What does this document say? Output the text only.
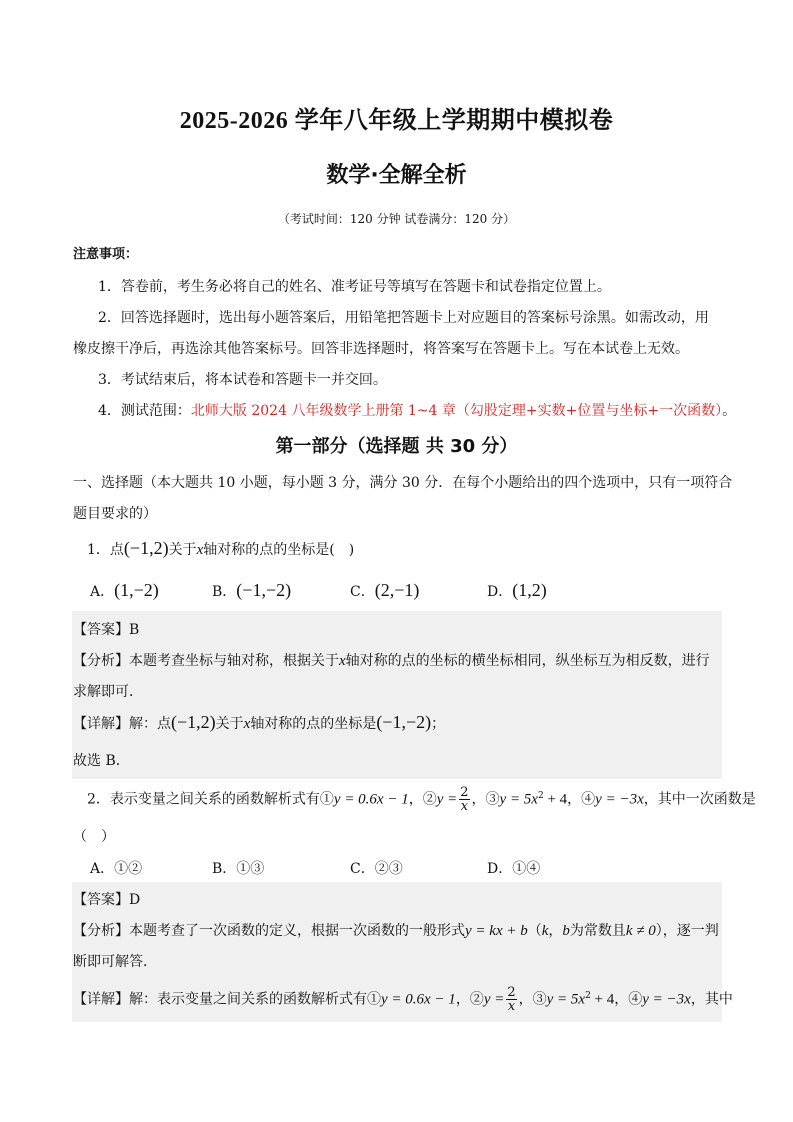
2025-2026 学年八年级上学期期中模拟卷
数学·全解全析
（考试时间：120 分钟 试卷满分：120 分）
注意事项：
1．答卷前，考生务必将自己的姓名、准考证号等填写在答题卡和试卷指定位置上。
2．回答选择题时，选出每小题答案后，用铅笔把答题卡上对应题目的答案标号涂黑。如需改动，用
橡皮擦干净后，再选涂其他答案标号。回答非选择题时，将答案写在答题卡上。写在本试卷上无效。
3．考试结束后，将本试卷和答题卡一并交回。
4．测试范围：北师大版 2024 八年级数学上册第 1~4 章（勾股定理+实数+位置与坐标+一次函数）。
第一部分（选择题 共 30 分）
一、选择题（本大题共 10 小题，每小题 3 分，满分 30 分．在每个小题给出的四个选项中，只有一项符合
题目要求的）
1．点(−1,2)关于x轴对称的点的坐标是(　)
A．(1,−2)	B．(−1,−2)	C．(2,−1)	D．(1,2)
【答案】B
【分析】本题考查坐标与轴对称，根据关于x轴对称的点的坐标的横坐标相同，纵坐标互为相反数，进行
求解即可．
【详解】解：点(−1,2)关于x轴对称的点的坐标是(−1,−2)；
故选 B．
2．表示变量之间关系的函数解析式有①y = 0.6x − 1，②y = $\frac{2}{x}$ ，③y = $5x^2 + 4$，④y = −3x，其中一次函数是
（　）
A．①②	B．①③	C．②③	D．①④
【答案】D
【分析】本题考查了一次函数的定义，根据一次函数的一般形式y = kx + b（k，b为常数且k ≠ 0），逐一判
断即可解答．
【详解】解：表示变量之间关系的函数解析式有①y = 0.6x − 1，②y = $\frac{2}{x}$ ，③y = $5x^2 + 4$，④y = −3x，其中
